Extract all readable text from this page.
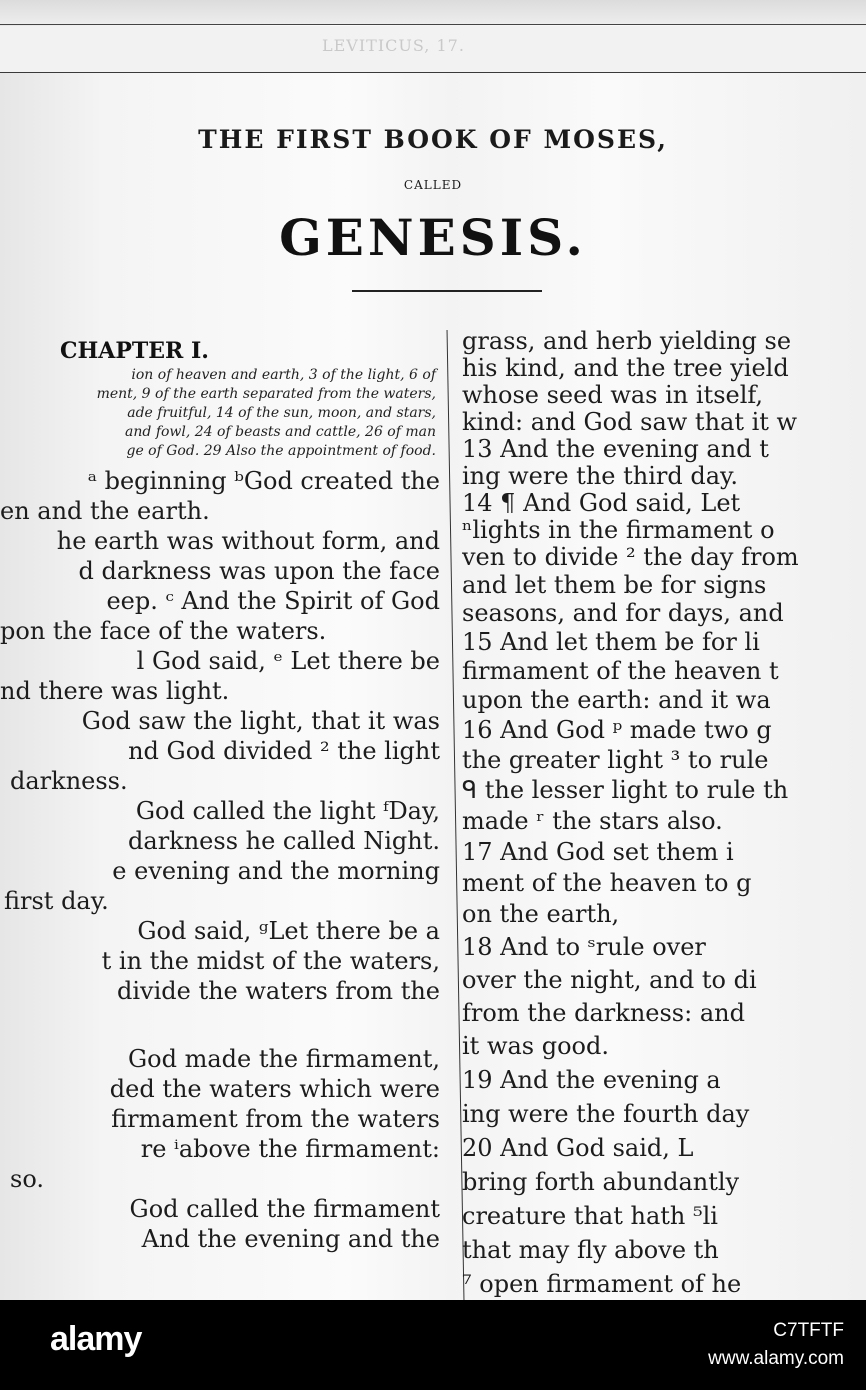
LEVITICUS, 17.
THE FIRST BOOK OF MOSES,
CALLED
GENESIS.
CHAPTER I.
ion of heaven and earth, 3 of the light, 6 of
ment, 9 of the earth separated from the waters,
ade fruitful, 14 of the sun, moon, and stars,
and fowl, 24 of beasts and cattle, 26 of man
ge of God. 29 Also the appointment of food.
ᵃ beginning ᵇGod created the
en and the earth.
he earth was without form, and
d darkness was upon the face
eep. ᶜ And the Spirit of God
pon the face of the waters.
l God said, ᵉ Let there be
nd there was light.
God saw the light, that it was
nd God divided ² the light
darkness.
God called the light ᶠDay,
darkness he called Night.
e evening and the morning
first day.
God said, ᵍLet there be a
t in the midst of the waters,
divide the waters from the
God made the firmament,
ded the waters which were
firmament from the waters
re ⁱabove the firmament:
so.
God called the firmament
And the evening and the
grass, and herb yielding se
his kind, and the tree yield
whose seed was in itself,
kind: and God saw that it w
13 And the evening and t
ing were the third day.
14 ¶ And God said, Let
ⁿlights in the firmament o
ven to divide ² the day from
and let them be for signs
seasons, and for days, and
15 And let them be for li
firmament of the heaven t
upon the earth: and it wa
16 And God ᵖ made two g
the greater light ³ to rule
ᑫ the lesser light to rule th
made ʳ the stars also.
17 And God set them i
ment of the heaven to g
on the earth,
18 And to ˢrule over
over the night, and to di
from the darkness: and
it was good.
19 And the evening a
ing were the fourth day
20 And God said, L
bring forth abundantly
creature that hath ⁵li
that may fly above th
⁷ open firmament of he
alamy	C7TFTF
www.alamy.com
